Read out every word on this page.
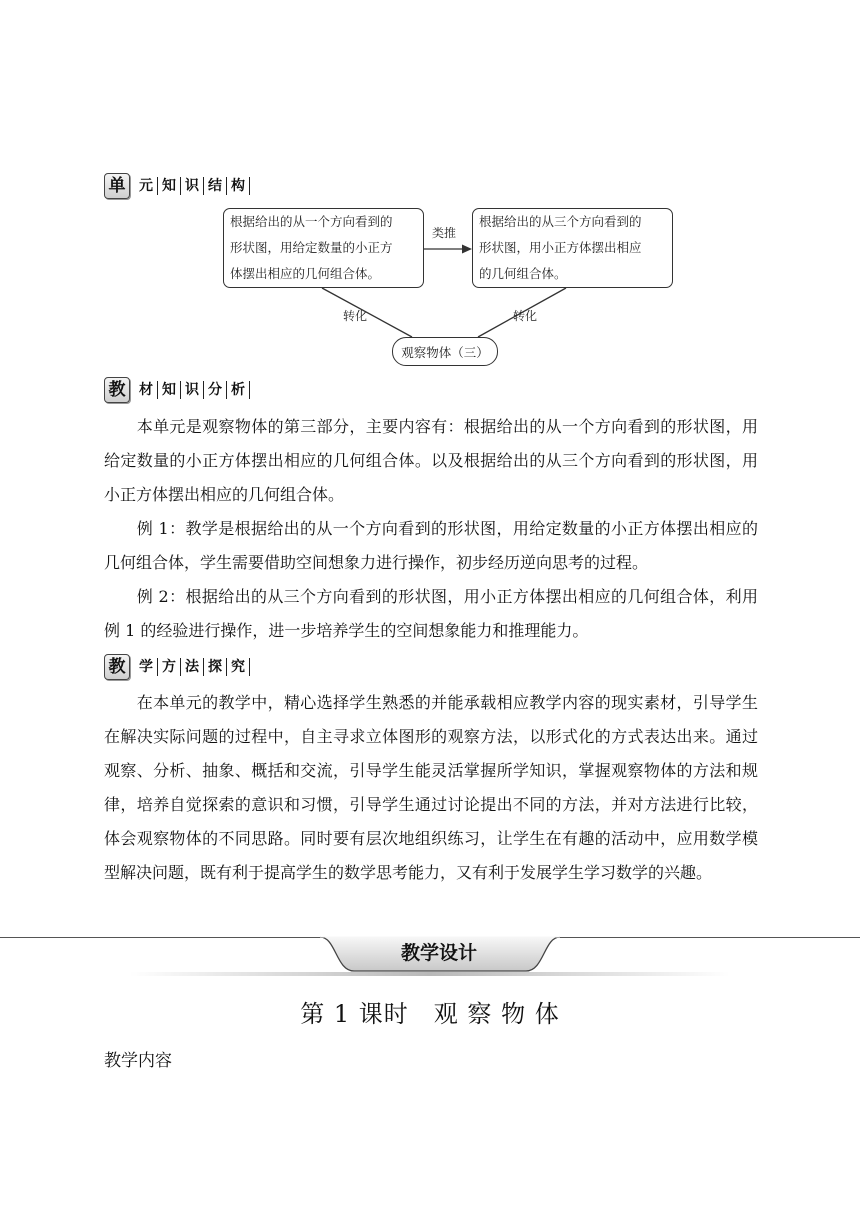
单 元 知 识 结 构
根据给出的从一个方向看到的
形状图，用给定数量的小正方
体摆出相应的几何组合体。
根据给出的从三个方向看到的
形状图，用小正方体摆出相应
的几何组合体。
类推
转化	转化
观察物体（三）
教 材 知 识 分 析

　　本单元是观察物体的第三部分，主要内容有：根据给出的从一个方向看到的形状图，用给定数量的小正方体摆出相应的几何组合体。以及根据给出的从三个方向看到的形状图，用小正方体摆出相应的几何组合体。

　　例 1：教学是根据给出的从一个方向看到的形状图，用给定数量的小正方体摆出相应的几何组合体，学生需要借助空间想象力进行操作，初步经历逆向思考的过程。

　　例 2：根据给出的从三个方向看到的形状图，用小正方体摆出相应的几何组合体，利用例 1 的经验进行操作，进一步培养学生的空间想象能力和推理能力。

教 学 方 法 探 究

　　在本单元的教学中，精心选择学生熟悉的并能承载相应教学内容的现实素材，引导学生在解决实际问题的过程中，自主寻求立体图形的观察方法，以形式化的方式表达出来。通过观察、分析、抽象、概括和交流，引导学生能灵活掌握所学知识，掌握观察物体的方法和规律，培养自觉探索的意识和习惯，引导学生通过讨论提出不同的方法，并对方法进行比较，体会观察物体的不同思路。同时要有层次地组织练习，让学生在有趣的活动中，应用数学模型解决问题，既有利于提高学生的数学思考能力，又有利于发展学生学习数学的兴趣。

教学设计
第 1 课时　观 察 物 体
教学内容
